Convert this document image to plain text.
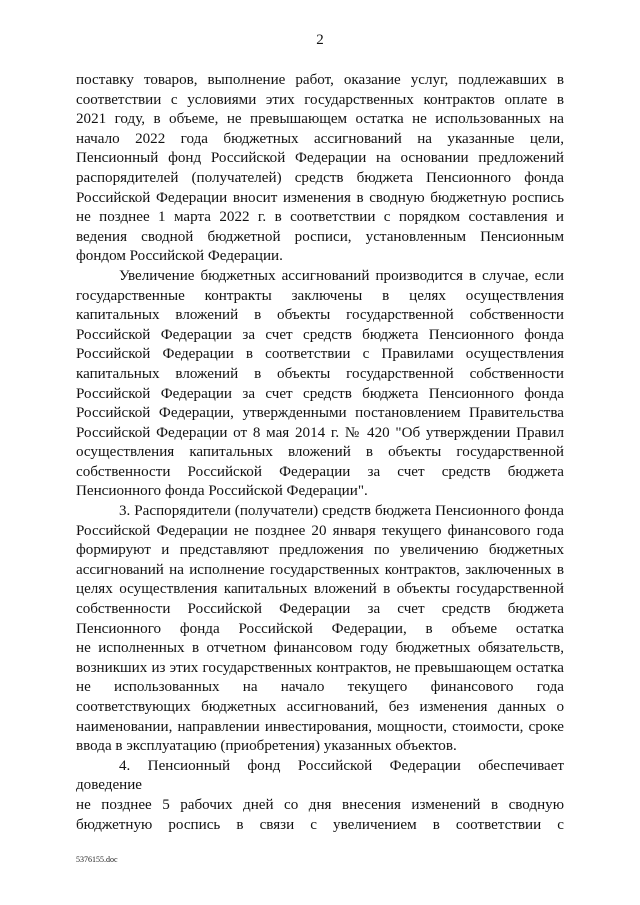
2
поставку товаров, выполнение работ, оказание услуг, подлежавших в
соответствии с условиями этих государственных контрактов оплате в
2021 году, в объеме, не превышающем остатка не использованных на
начало 2022 года бюджетных ассигнований на указанные цели,
Пенсионный фонд Российской Федерации на основании предложений
распорядителей (получателей) средств бюджета Пенсионного фонда
Российской Федерации вносит изменения в сводную бюджетную роспись
не позднее 1 марта 2022 г. в соответствии с порядком составления и
ведения сводной бюджетной росписи, установленным Пенсионным
фондом Российской Федерации.
Увеличение бюджетных ассигнований производится в случае, если
государственные контракты заключены в целях осуществления
капитальных вложений в объекты государственной собственности
Российской Федерации за счет средств бюджета Пенсионного фонда
Российской Федерации в соответствии с Правилами осуществления
капитальных вложений в объекты государственной собственности
Российской Федерации за счет средств бюджета Пенсионного фонда
Российской Федерации, утвержденными постановлением Правительства
Российской Федерации от 8 мая 2014 г. № 420 "Об утверждении Правил
осуществления капитальных вложений в объекты государственной
собственности Российской Федерации за счет средств бюджета
Пенсионного фонда Российской Федерации".
3. Распорядители (получатели) средств бюджета Пенсионного фонда
Российской Федерации не позднее 20 января текущего финансового года
формируют и представляют предложения по увеличению бюджетных
ассигнований на исполнение государственных контрактов, заключенных в
целях осуществления капитальных вложений в объекты государственной
собственности Российской Федерации за счет средств бюджета
Пенсионного фонда Российской Федерации, в объеме остатка
не исполненных в отчетном финансовом году бюджетных обязательств,
возникших из этих государственных контрактов, не превышающем остатка
не использованных на начало текущего финансового года
соответствующих бюджетных ассигнований, без изменения данных о
наименовании, направлении инвестирования, мощности, стоимости, сроке
ввода в эксплуатацию (приобретения) указанных объектов.
4. Пенсионный фонд Российской Федерации обеспечивает доведение
не позднее 5 рабочих дней со дня внесения изменений в сводную
бюджетную роспись в связи с увеличением в соответствии с
5376155.doc
